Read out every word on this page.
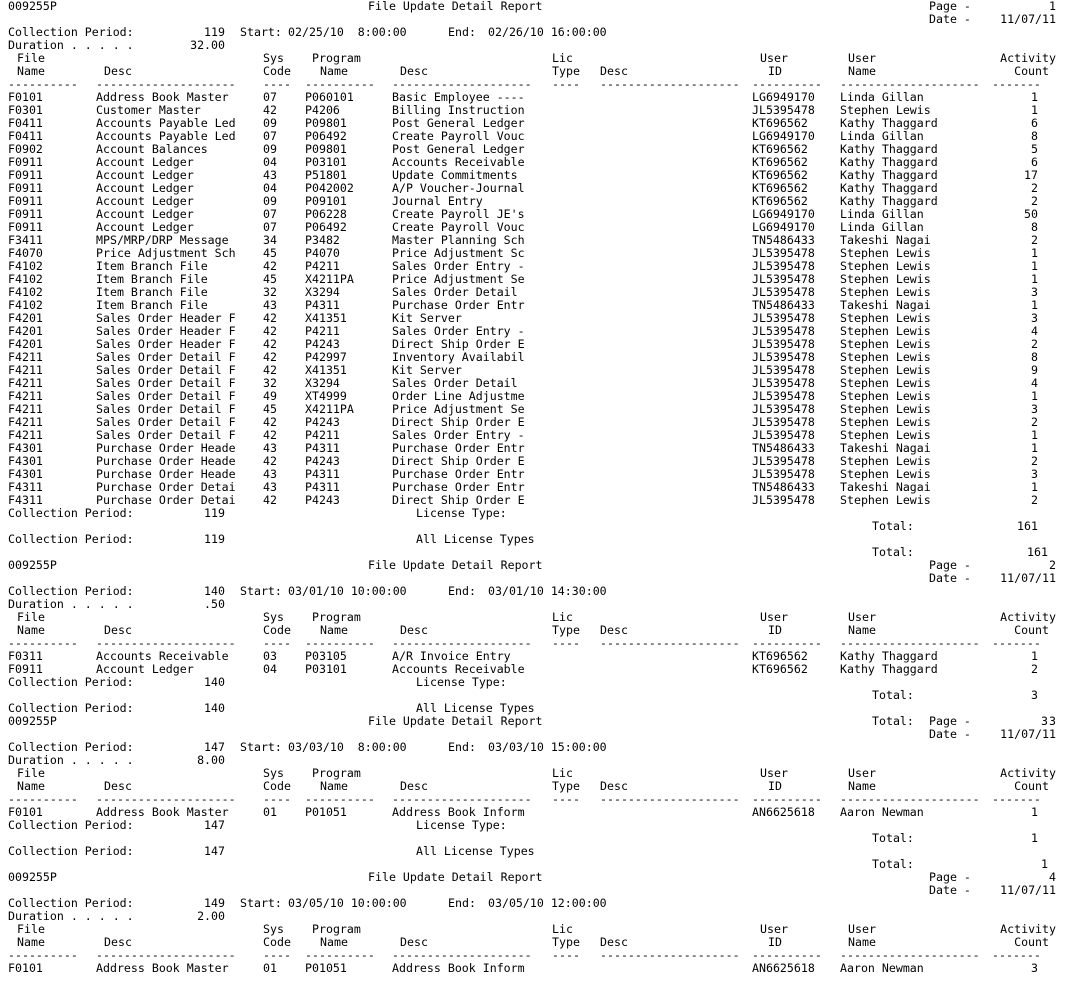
009255P

	File Update Detail Report

	Page -

	1

Date -

	11/07/11

Collection Period:

	119

Start:

02/25/10  8:00:00

	End:

02/26/10 16:00:00

Duration . . . . .

	32.00

File	Sys Program	Lic	User	User	Activity
Name	Desc	Code	Name	Desc	Type Desc	ID	Name	Count
---------- -------------------- ---- ---------- -------------------- ---- -------------------- ---------- -------------------- -------
F0101	Address Book Master	07 P060101	Basic Employee ----	LG6949170 Linda Gillan	1
F0301	Customer Master	42 P4206	Billing Instruction	JL5395478 Stephen Lewis	1
F0411	Accounts Payable Led 09 P09801	Post General Ledger	KT696562	Kathy Thaggard	6
F0411	Accounts Payable Led 07 P06492	Create Payroll Vouc	LG6949170 Linda Gillan	8
F0902	Account Balances	09 P09801	Post General Ledger	KT696562	Kathy Thaggard	5
F0911	Account Ledger	04 P03101	Accounts Receivable	KT696562	Kathy Thaggard	6
F0911	Account Ledger	43 P51801	Update Commitments	KT696562	Kathy Thaggard	17
F0911	Account Ledger	04 P042002	A/P Voucher-Journal	KT696562	Kathy Thaggard	2
F0911	Account Ledger	09 P09101	Journal Entry	KT696562	Kathy Thaggard	2
F0911	Account Ledger	07 P06228	Create Payroll JE's	LG6949170 Linda Gillan	50
F0911	Account Ledger	07 P06492	Create Payroll Vouc	LG6949170 Linda Gillan	8
F3411	MPS/MRP/DRP Message	34 P3482	Master Planning Sch	TN5486433 Takeshi Nagai	2
F4070	Price Adjustment Sch 45 P4070	Price Adjustment Sc	JL5395478 Stephen Lewis	1
F4102	Item Branch File	42 P4211	Sales Order Entry -	JL5395478 Stephen Lewis	1
F4102	Item Branch File	45 X4211PA	Price Adjustment Se	JL5395478 Stephen Lewis	1
F4102	Item Branch File	32 X3294	Sales Order Detail	JL5395478 Stephen Lewis	3
F4102	Item Branch File	43 P4311	Purchase Order Entr	TN5486433 Takeshi Nagai	1
F4201	Sales Order Header F 42 X41351	Kit Server	JL5395478 Stephen Lewis	3
F4201	Sales Order Header F 42 P4211	Sales Order Entry -	JL5395478 Stephen Lewis	4
F4201	Sales Order Header F 42 P4243	Direct Ship Order E	JL5395478 Stephen Lewis	2
F4211	Sales Order Detail F 42 P42997	Inventory Availabil	JL5395478 Stephen Lewis	8
F4211	Sales Order Detail F 42 X41351	Kit Server	JL5395478 Stephen Lewis	9
F4211	Sales Order Detail F 32 X3294	Sales Order Detail	JL5395478 Stephen Lewis	4
F4211	Sales Order Detail F 49 XT4999	Order Line Adjustme	JL5395478 Stephen Lewis	1
F4211	Sales Order Detail F 45 X4211PA	Price Adjustment Se	JL5395478 Stephen Lewis	3
F4211	Sales Order Detail F 42 P4243	Direct Ship Order E	JL5395478 Stephen Lewis	2
F4211	Sales Order Detail F 42 P4211	Sales Order Entry -	JL5395478 Stephen Lewis	1
F4301	Purchase Order Heade 43 P4311	Purchase Order Entr	TN5486433 Takeshi Nagai	1
F4301	Purchase Order Heade 42 P4243	Direct Ship Order E	JL5395478 Stephen Lewis	2
F4301	Purchase Order Heade 43 P4311	Purchase Order Entr	JL5395478 Stephen Lewis	3
F4311	Purchase Order Detai 43 P4311	Purchase Order Entr	TN5486433 Takeshi Nagai	1
F4311	Purchase Order Detai 42 P4243	Direct Ship Order E	JL5395478 Stephen Lewis	2
Collection Period:	119	License Type:
Total:	161
Collection Period:	119	All License Types
Total:	161

009255P

	File Update Detail Report

	Page -

	2

Date -

	11/07/11

Collection Period:

	140

Start:

03/01/10 10:00:00

	End:

03/01/10 14:30:00

Duration . . . . .

	.50

File	Sys Program	Lic	User	User	Activity
Name	Desc	Code	Name	Desc	Type Desc	ID	Name	Count
---------- -------------------- ---- ---------- -------------------- ---- -------------------- ---------- -------------------- -------
F0311	Accounts Receivable	03 P03105	A/R Invoice Entry	KT696562	Kathy Thaggard	1
F0911	Account Ledger	04 P03101	Accounts Receivable	KT696562	Kathy Thaggard	2
Collection Period:	140	License Type:
Total:	3
Collection Period:	140	All License Types
Total:	3

009255P

	File Update Detail Report

	Page -

	3

Date -

	11/07/11

Collection Period:

	147

Start:

03/03/10  8:00:00

	End:

03/03/10 15:00:00

Duration . . . . .

	8.00

File	Sys Program	Lic	User	User	Activity
Name	Desc	Code	Name	Desc	Type Desc	ID	Name	Count
---------- -------------------- ---- ---------- -------------------- ---- -------------------- ---------- -------------------- -------
F0101	Address Book Master	01 P01051	Address Book Inform	AN6625618 Aaron Newman	1
Collection Period:	147	License Type:
Total:	1
Collection Period:	147	All License Types
Total:	1

009255P

	File Update Detail Report

	Page -

	4

Date -

	11/07/11

Collection Period:

	149

Start:

03/05/10 10:00:00

	End:

03/05/10 12:00:00

Duration . . . . .

	2.00

File	Sys Program	Lic	User	User	Activity
Name	Desc	Code	Name	Desc	Type Desc	ID	Name	Count
---------- -------------------- ---- ---------- -------------------- ---- -------------------- ---------- -------------------- -------
F0101	Address Book Master	01 P01051	Address Book Inform	AN6625618 Aaron Newman	3
